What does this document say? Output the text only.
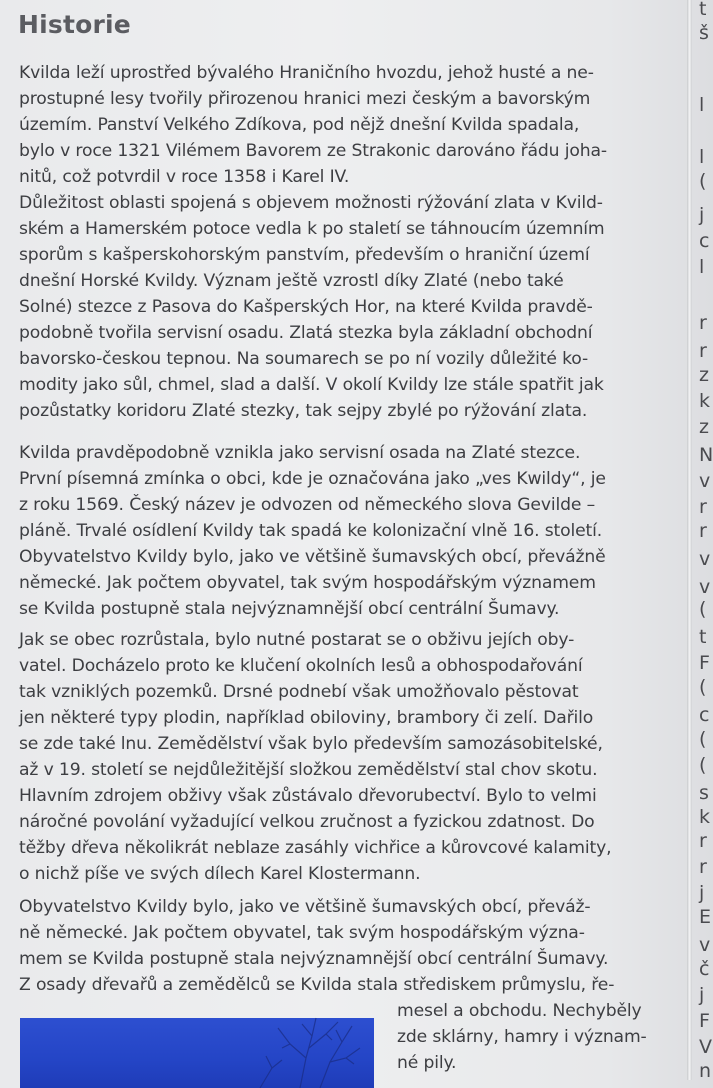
Historie

Kvilda leží uprostřed bývalého Hraničního hvozdu, jehož husté a ne-
prostupné lesy tvořily přirozenou hranici mezi českým a bavorským
územím. Panství Velkého Zdíkova, pod nějž dnešní Kvilda spadala,
bylo v roce 1321 Vilémem Bavorem ze Strakonic darováno řádu joha-
nitů, což potvrdil v roce 1358 i Karel IV.

Důležitost oblasti spojená s objevem možnosti rýžování zlata v Kvild-
ském a Hamerském potoce vedla k po staletí se táhnoucím územním
sporům s kašperskohorským panstvím, především o hraniční území
dnešní Horské Kvildy. Význam ještě vzrostl díky Zlaté (nebo také
Solné) stezce z Pasova do Kašperských Hor, na které Kvilda pravdě-
podobně tvořila servisní osadu. Zlatá stezka byla základní obchodní
bavorsko-českou tepnou. Na soumarech se po ní vozily důležité ko-
modity jako sůl, chmel, slad a další. V okolí Kvildy lze stále spatřit jak
pozůstatky koridoru Zlaté stezky, tak sejpy zbylé po rýžování zlata.

Kvilda pravděpodobně vznikla jako servisní osada na Zlaté stezce.
První písemná zmínka o obci, kde je označována jako „ves Kwildy“, je
z roku 1569. Český název je odvozen od německého slova Gevilde –
pláně. Trvalé osídlení Kvildy tak spadá ke kolonizační vlně 16. století.
Obyvatelstvo Kvildy bylo, jako ve většině šumavských obcí, převážně
německé. Jak počtem obyvatel, tak svým hospodářským významem
se Kvilda postupně stala nejvýznamnější obcí centrální Šumavy.

Jak se obec rozrůstala, bylo nutné postarat se o obživu jejích oby-
vatel. Docházelo proto ke klučení okolních lesů a obhospodařování
tak vzniklých pozemků. Drsné podnebí však umožňovalo pěstovat
jen některé typy plodin, například obiloviny, brambory či zelí. Dařilo
se zde také lnu. Zemědělství však bylo především samozásobitelské,
až v 19. století se nejdůležitější složkou zemědělství stal chov skotu.
Hlavním zdrojem obživy však zůstávalo dřevorubectví. Bylo to velmi
náročné povolání vyžadující velkou zručnost a fyzickou zdatnost. Do
těžby dřeva několikrát neblaze zasáhly vichřice a kůrovcové kalamity,
o nichž píše ve svých dílech Karel Klostermann.

Obyvatelstvo Kvildy bylo, jako ve většině šumavských obcí, převáž-
ně německé. Jak počtem obyvatel, tak svým hospodářským význa-
mem se Kvilda postupně stala nejvýznamnější obcí centrální Šumavy.
Z osady dřevařů a zemědělců se Kvilda stala střediskem průmyslu, ře-

mesel a obchodu. Nechyběly
zde sklárny, hamry i význam-
né pily.

t
š
l
l
(
j
c
l
r
r
z
k
z
N
v
r
r
v
v
(
t
F
(
c
(
(
s
k
r
r
j
E
v
č
j
F
V
n
